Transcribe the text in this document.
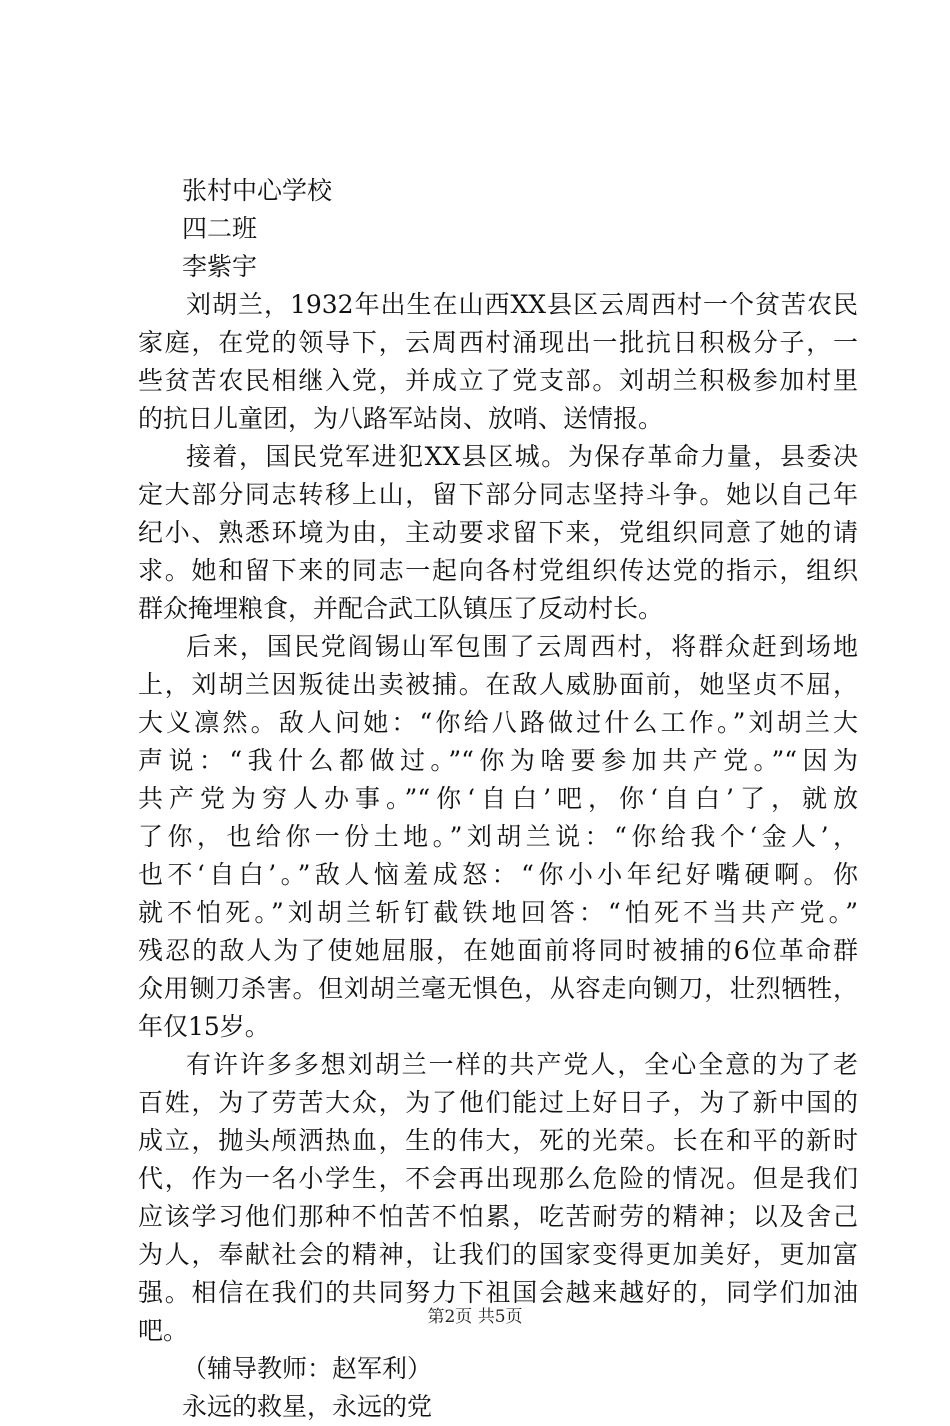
张村中心学校
四二班
李紫宇
刘胡兰，1932年出生在山西XX县区云周西村一个贫苦农民
家庭，在党的领导下，云周西村涌现出一批抗日积极分子，一
些贫苦农民相继入党，并成立了党支部。刘胡兰积极参加村里
的抗日儿童团，为八路军站岗、放哨、送情报。
接着，国民党军进犯XX县区城。为保存革命力量，县委决
定大部分同志转移上山，留下部分同志坚持斗争。她以自己年
纪小、熟悉环境为由，主动要求留下来，党组织同意了她的请
求。她和留下来的同志一起向各村党组织传达党的指示，组织
群众掩埋粮食，并配合武工队镇压了反动村长。
后来，国民党阎锡山军包围了云周西村，将群众赶到场地
上，刘胡兰因叛徒出卖被捕。在敌人威胁面前，她坚贞不屈，
大义凛然。敌人问她：“你给八路做过什么工作。”刘胡兰大
声说：“我什么都做过。”“你为啥要参加共产党。”“因为
共产党为穷人办事。”“你‘自白’吧，你‘自白’了，就放
了你，也给你一份土地。”刘胡兰说：“你给我个‘金人’，
也不‘自白’。”敌人恼羞成怒：“你小小年纪好嘴硬啊。你
就不怕死。”刘胡兰斩钉截铁地回答：“怕死不当共产党。”
残忍的敌人为了使她屈服，在她面前将同时被捕的6位革命群
众用铡刀杀害。但刘胡兰毫无惧色，从容走向铡刀，壮烈牺牲，
年仅15岁。
有许许多多想刘胡兰一样的共产党人，全心全意的为了老
百姓，为了劳苦大众，为了他们能过上好日子，为了新中国的
成立，抛头颅洒热血，生的伟大，死的光荣。长在和平的新时
代，作为一名小学生，不会再出现那么危险的情况。但是我们
应该学习他们那种不怕苦不怕累，吃苦耐劳的精神；以及舍己
为人，奉献社会的精神，让我们的国家变得更加美好，更加富
强。相信在我们的共同努力下祖国会越来越好的，同学们加油
吧。
（辅导教师：赵军利）
永远的救星，永远的党
第2页 共5页
